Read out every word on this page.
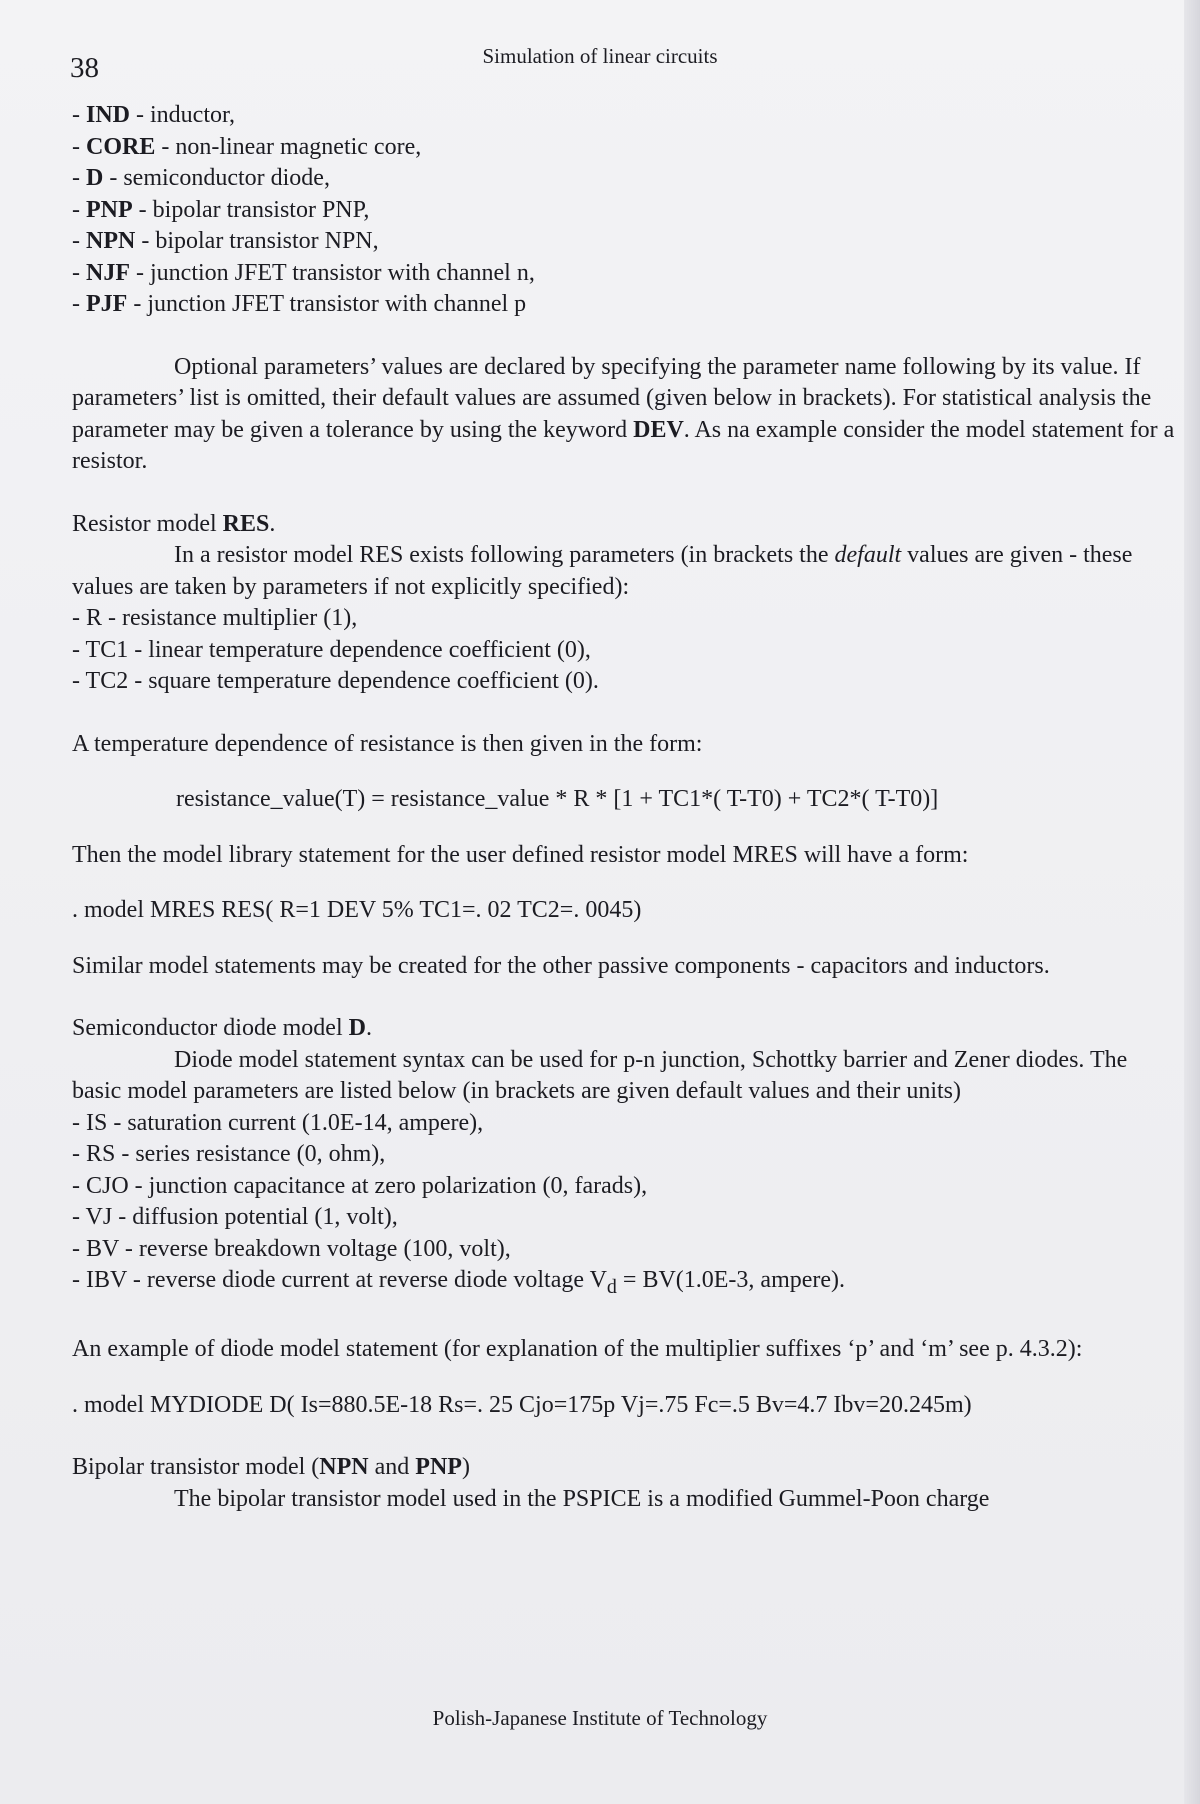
38	Simulation of linear circuits
- IND - inductor,
- CORE - non-linear magnetic core,
- D - semiconductor diode,
- PNP - bipolar transistor PNP,
- NPN - bipolar transistor NPN,
- NJF - junction JFET transistor with channel n,
- PJF - junction JFET transistor with channel p

Optional parameters’ values are declared by specifying the parameter name following by its value. If parameters’ list is omitted, their default values are assumed (given below in brackets). For statistical analysis the parameter may be given a tolerance by using the keyword DEV. As na example consider the model statement for a resistor.

Resistor model RES.

In a resistor model RES exists following parameters (in brackets the default values are given - these values are taken by parameters if not explicitly specified):

- R - resistance multiplier (1),

- TC1 - linear temperature dependence coefficient (0),

- TC2 - square temperature dependence coefficient (0).

A temperature dependence of resistance is then given in the form:

resistance_value(T) = resistance_value * R * [1 + TC1*( T-T0) + TC2*( T-T0)]

Then the model library statement for the user defined resistor model MRES will have a form:

. model MRES RES( R=1 DEV 5% TC1=. 02 TC2=. 0045)

Similar model statements may be created for the other passive components - capacitors and inductors.

Semiconductor diode model D.

Diode model statement syntax can be used for p-n junction, Schottky barrier and Zener diodes. The basic model parameters are listed below (in brackets are given default values and their units)

- IS - saturation current (1.0E-14, ampere),

- RS - series resistance (0, ohm),

- CJO - junction capacitance at zero polarization (0, farads),

- VJ - diffusion potential (1, volt),

- BV - reverse breakdown voltage (100, volt),

- IBV - reverse diode current at reverse diode voltage $V_d = BV(1.0E-3$, ampere).

An example of diode model statement (for explanation of the multiplier suffixes ‘p’ and ‘m’ see p. 4.3.2):

. model MYDIODE D( Is=880.5E-18 Rs=. 25 Cjo=175p Vj=.75 Fc=.5 Bv=4.7 Ibv=20.245m)

Bipolar transistor model (NPN and PNP)

The bipolar transistor model used in the PSPICE is a modified Gummel-Poon charge

Polish-Japanese Institute of Technology
